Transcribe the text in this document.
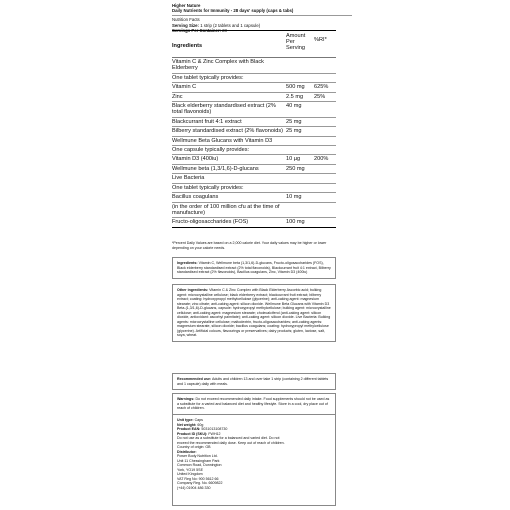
Higher Nature
Daily Nutrients for Immunity - 28 days' supply (caps & tabs)
Nutrition Facts
Serving Size: 1 strip (2 tablets and 1 capsule)
Servings Per Container: 28
Ingredients
Amount Per Serving
%RI*
Vitamin C & Zinc Complex with Black Elderberry
One tablet typically provides:
Vitamin C	500 mg	625%
Zinc	2.5 mg	25%
Black elderberry standardised extract (2% total flavonoids)
40 mg
Blackcurrant fruit 4:1 extract	25 mg
Bilberry standardised extract (2% flavonoids) 25 mg
Wellmune Beta Glucans with Vitamin D3
One capsule typically provides:
Vitamin D3 (400iu)	10 µg	200%
Wellmune beta (1,3/1,6)-D-glucans	250 mg
Live Bacteria
One tablet typically provides:
Bacillus coagulans	10 mg
(in the order of 100 million cfu at the time of manufacture)
Fructo-oligosaccharides (FOS)	100 mg
*Percent Daily Values are based on a 2,000 calorie diet. Your daily values may be higher or lower depending on your calorie needs.
Ingredients: Vitamin C, Wellmune beta (1,3/1,6)-D-glucans, Fructo-oligosaccharides (FOS), Black elderberry standardised extract (2% total flavonoids), Blackcurrant fruit 4:1 extract, Bilberry standardised extract (2% flavonoids), Bacillus coagulans, Zinc, Vitamin D3 (400iu)
Other ingredients: Vitamin C & Zinc Complex with Black Elderberry Ascorbic acid; bulking agent: microcrystalline cellulose; black elderberry extract; blackcurrant fruit extract; bilberry extract; coating: hydroxypropyl methylcellulose (glycerine); anti-caking agent: magnesium stearate; zinc citrate; anti-caking agent: silicon dioxide. Wellmune Beta Glucans with Vitamin D3 Beta-(1,3/1,6)-D-glucans, capsule: hydroxypropyl methylcellulose; bulking agent: microcrystalline cellulose; anti-caking agent: magnesium stearate; cholecalciferol (anti-caking agent: silicon dioxide, antioxidant: ascorbyl palmitate); anti-caking agent: silicon dioxide. Live Bacteria: Bulking agents: microcrystalline cellulose; maltodextrin, fructo-oligosaccharides; anti-caking agents: magnesium stearate, silicon dioxide; bacillus coagulans; coating: hydroxypropyl methylcellulose (glycerine). Artificial colours, flavourings or preservatives; dairy products; gluten, lactose, salt, soya, wheat.
Recommended use: Adults and children 13 and over take 1 strip (containing 2 different tablets and 1 capsule) daily with meals.
Warnings: Do not exceed recommended daily intake. Food supplements should not be used as a substitute for a varied and balanced diet and healthy lifestyle. Store in a cool, dry place out of reach of children.
Unit type: Caps
Net weight: 60g
Product EAN: 5031013108730
Product ID (SKU): FWH12
Do not use as a substitute for a balanced and varied diet. Do not
exceed the recommended daily dose. Keep out of reach of children.
Country of origin: GB
Distributor:
Power Body Nutrition Ltd.
Unit 11 Chessingham Park
Common Road, Dunnington
York, YO19 5SE
United Kingdom
VAT Reg No: 900 5612 66
Company Reg. No. 6609822
(+44) 01904 486 330
